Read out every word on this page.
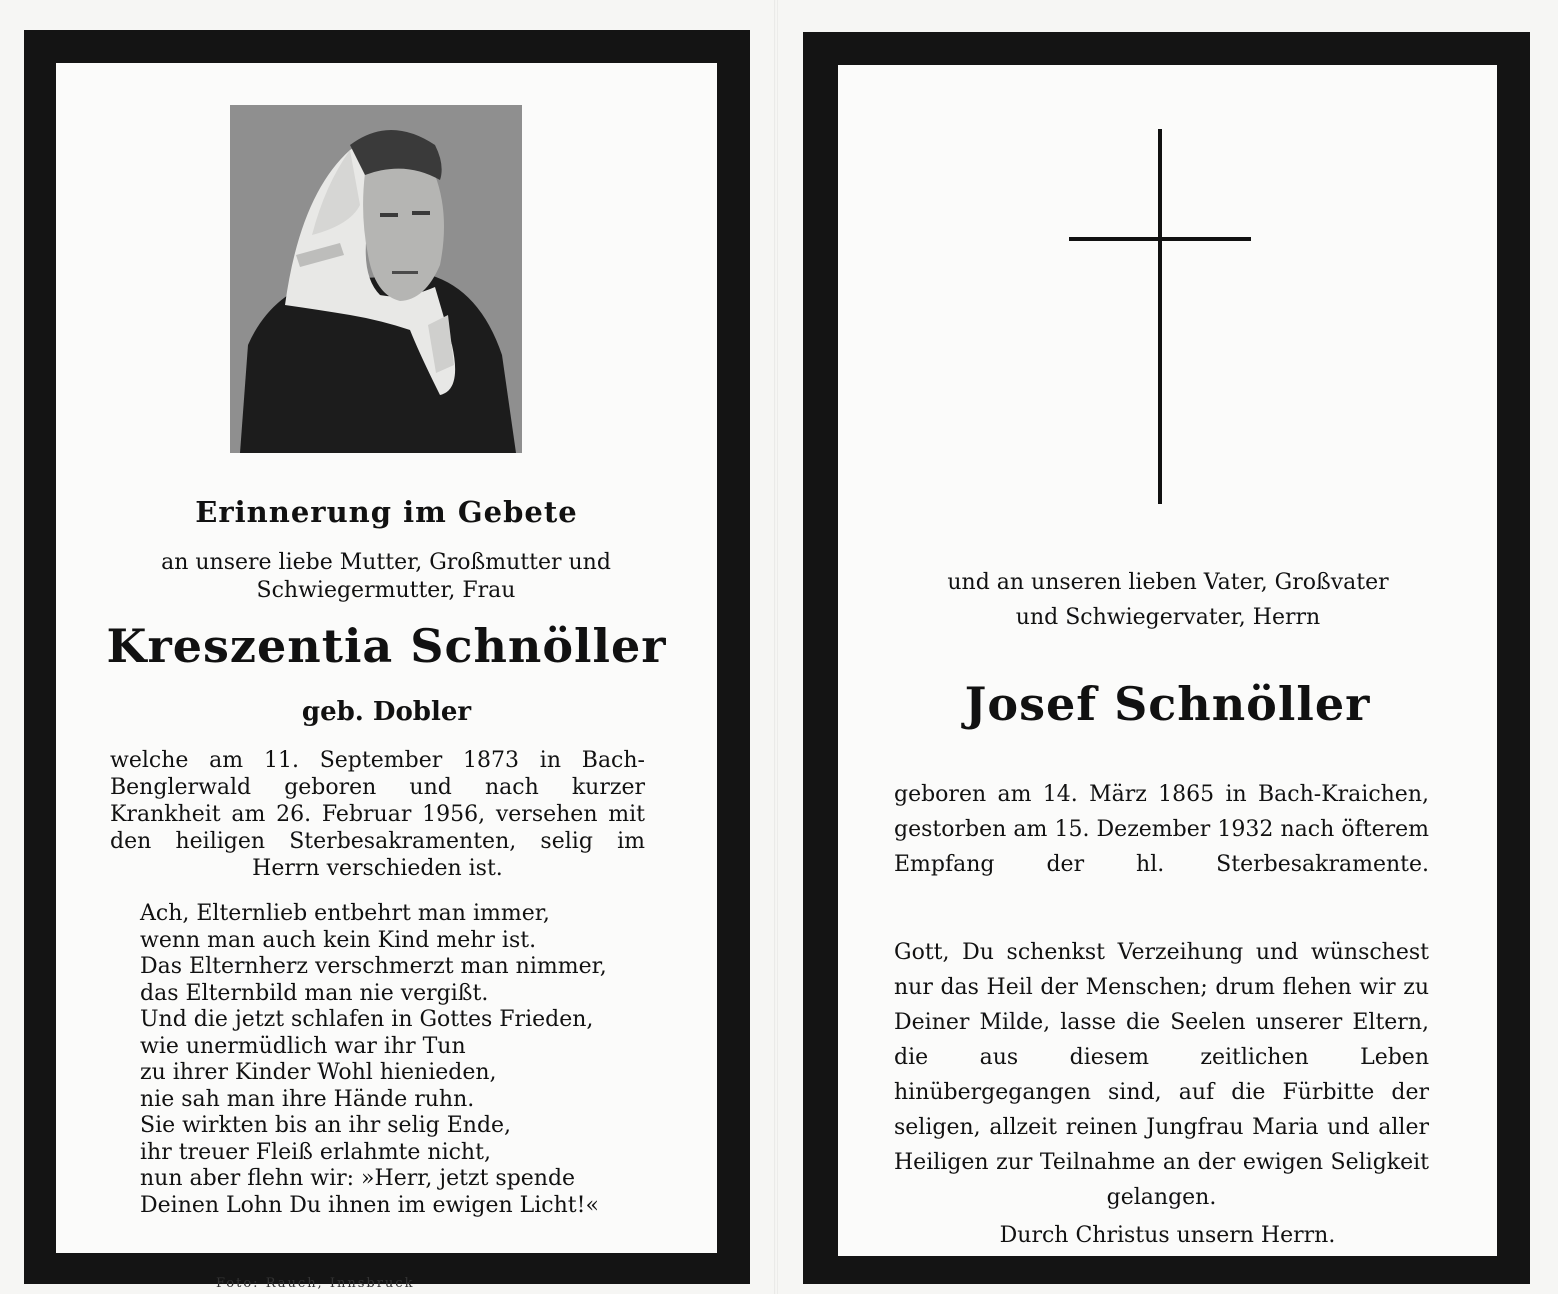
Erinnerung im Gebete
an unsere liebe Mutter, Großmutter und Schwiegermutter, Frau
Kreszentia Schnöller
geb. Dobler
welche am 11. September 1873 in Bach-Benglerwald geboren und nach kurzer Krankheit am 26. Februar 1956, versehen mit den heiligen Sterbesakramenten, selig im Herrn verschieden ist.
Ach, Elternlieb entbehrt man immer,
wenn man auch kein Kind mehr ist.
Das Elternherz verschmerzt man nimmer,
das Elternbild man nie vergißt.
Und die jetzt schlafen in Gottes Frieden,
wie unermüdlich war ihr Tun
zu ihrer Kinder Wohl hienieden,
nie sah man ihre Hände ruhn.
Sie wirkten bis an ihr selig Ende,
ihr treuer Fleiß erlahmte nicht,
nun aber flehn wir: »Herr, jetzt spende
Deinen Lohn Du ihnen im ewigen Licht!«
Foto: Rauch, Innsbruck
und an unseren lieben Vater, Großvater
und Schwiegervater, Herrn
Josef Schnöller
geboren am 14. März 1865 in Bach-Kraichen, gestorben am 15. Dezember 1932 nach öfterem Empfang der hl. Sterbesakramente.
Gott, Du schenkst Verzeihung und wünschest nur das Heil der Menschen; drum flehen wir zu Deiner Milde, lasse die Seelen unserer Eltern, die aus diesem zeitlichen Leben hinübergegangen sind, auf die Fürbitte der seligen, allzeit reinen Jungfrau Maria und aller Heiligen zur Teilnahme an der ewigen Seligkeit gelangen.
Durch Christus unsern Herrn.
